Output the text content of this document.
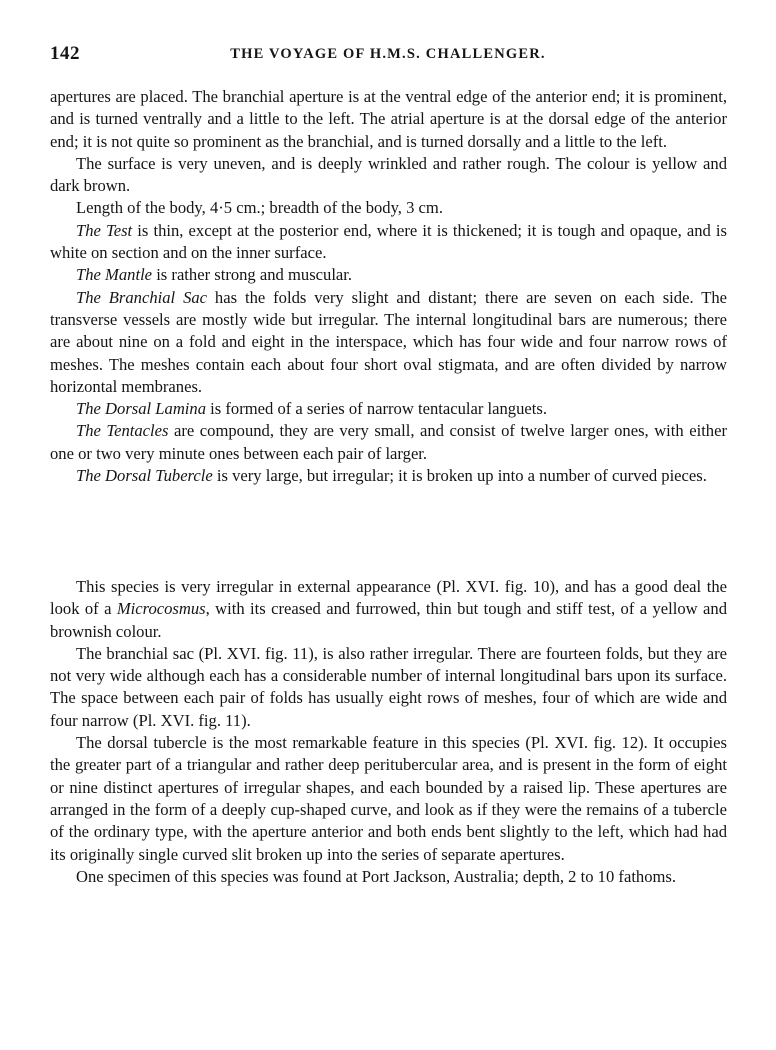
142	THE VOYAGE OF H.M.S. CHALLENGER.

apertures are placed. The branchial aperture is at the ventral edge of the anterior end; it is prominent, and is turned ventrally and a little to the left. The atrial aperture is at the dorsal edge of the anterior end; it is not quite so prominent as the branchial, and is turned dorsally and a little to the left.

The surface is very uneven, and is deeply wrinkled and rather rough. The colour is yellow and dark brown.

Length of the body, 4·5 cm.; breadth of the body, 3 cm.

The Test is thin, except at the posterior end, where it is thickened; it is tough and opaque, and is white on section and on the inner surface.

The Mantle is rather strong and muscular.

The Branchial Sac has the folds very slight and distant; there are seven on each side. The transverse vessels are mostly wide but irregular. The internal longitudinal bars are numerous; there are about nine on a fold and eight in the interspace, which has four wide and four narrow rows of meshes. The meshes contain each about four short oval stigmata, and are often divided by narrow horizontal membranes.

The Dorsal Lamina is formed of a series of narrow tentacular languets.

The Tentacles are compound, they are very small, and consist of twelve larger ones, with either one or two very minute ones between each pair of larger.

The Dorsal Tubercle is very large, but irregular; it is broken up into a number of curved pieces.

This species is very irregular in external appearance (Pl. XVI. fig. 10), and has a good deal the look of a Microcosmus, with its creased and furrowed, thin but tough and stiff test, of a yellow and brownish colour.

The branchial sac (Pl. XVI. fig. 11), is also rather irregular. There are fourteen folds, but they are not very wide although each has a considerable number of internal longitudinal bars upon its surface. The space between each pair of folds has usually eight rows of meshes, four of which are wide and four narrow (Pl. XVI. fig. 11).

The dorsal tubercle is the most remarkable feature in this species (Pl. XVI. fig. 12). It occupies the greater part of a triangular and rather deep peritubercular area, and is present in the form of eight or nine distinct apertures of irregular shapes, and each bounded by a raised lip. These apertures are arranged in the form of a deeply cup-shaped curve, and look as if they were the remains of a tubercle of the ordinary type, with the aperture anterior and both ends bent slightly to the left, which had had its originally single curved slit broken up into the series of separate apertures.

One specimen of this species was found at Port Jackson, Australia; depth, 2 to 10 fathoms.
